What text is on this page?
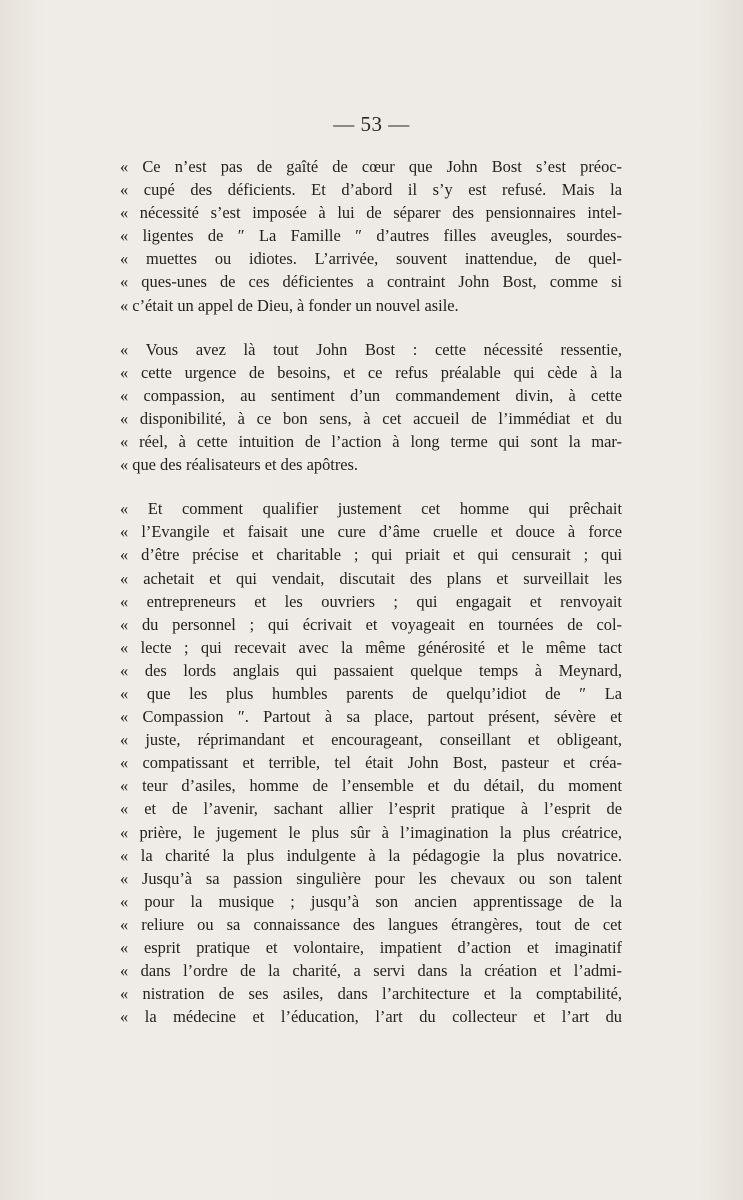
— 53 —
« Ce n’est pas de gaîté de cœur que John Bost s’est préoc-
« cupé des déficients. Et d’abord il s’y est refusé. Mais la
« nécessité s’est imposée à lui de séparer des pensionnaires intel-
« ligentes de ″ La Famille ″ d’autres filles aveugles, sourdes-
« muettes ou idiotes. L’arrivée, souvent inattendue, de quel-
« ques-unes de ces déficientes a contraint John Bost, comme si
« c’était un appel de Dieu, à fonder un nouvel asile.
« Vous avez là tout John Bost : cette nécessité ressentie,
« cette urgence de besoins, et ce refus préalable qui cède à la
« compassion, au sentiment d’un commandement divin, à cette
« disponibilité, à ce bon sens, à cet accueil de l’immédiat et du
« réel, à cette intuition de l’action à long terme qui sont la mar-
« que des réalisateurs et des apôtres.
« Et comment qualifier justement cet homme qui prêchait
« l’Evangile et faisait une cure d’âme cruelle et douce à force
« d’être précise et charitable ; qui priait et qui censurait ; qui
« achetait et qui vendait, discutait des plans et surveillait les
« entrepreneurs et les ouvriers ; qui engagait et renvoyait
« du personnel ; qui écrivait et voyageait en tournées de col-
« lecte ; qui recevait avec la même générosité et le même tact
« des lords anglais qui passaient quelque temps à Meynard,
« que les plus humbles parents de quelqu’idiot de ″ La
« Compassion ″. Partout à sa place, partout présent, sévère et
« juste, réprimandant et encourageant, conseillant et obligeant,
« compatissant et terrible, tel était John Bost, pasteur et créa-
« teur d’asiles, homme de l’ensemble et du détail, du moment
« et de l’avenir, sachant allier l’esprit pratique à l’esprit de
« prière, le jugement le plus sûr à l’imagination la plus créatrice,
« la charité la plus indulgente à la pédagogie la plus novatrice.
« Jusqu’à sa passion singulière pour les chevaux ou son talent
« pour la musique ; jusqu’à son ancien apprentissage de la
« reliure ou sa connaissance des langues étrangères, tout de cet
« esprit pratique et volontaire, impatient d’action et imaginatif
« dans l’ordre de la charité, a servi dans la création et l’admi-
« nistration de ses asiles, dans l’architecture et la comptabilité,
« la médecine et l’éducation, l’art du collecteur et l’art du
